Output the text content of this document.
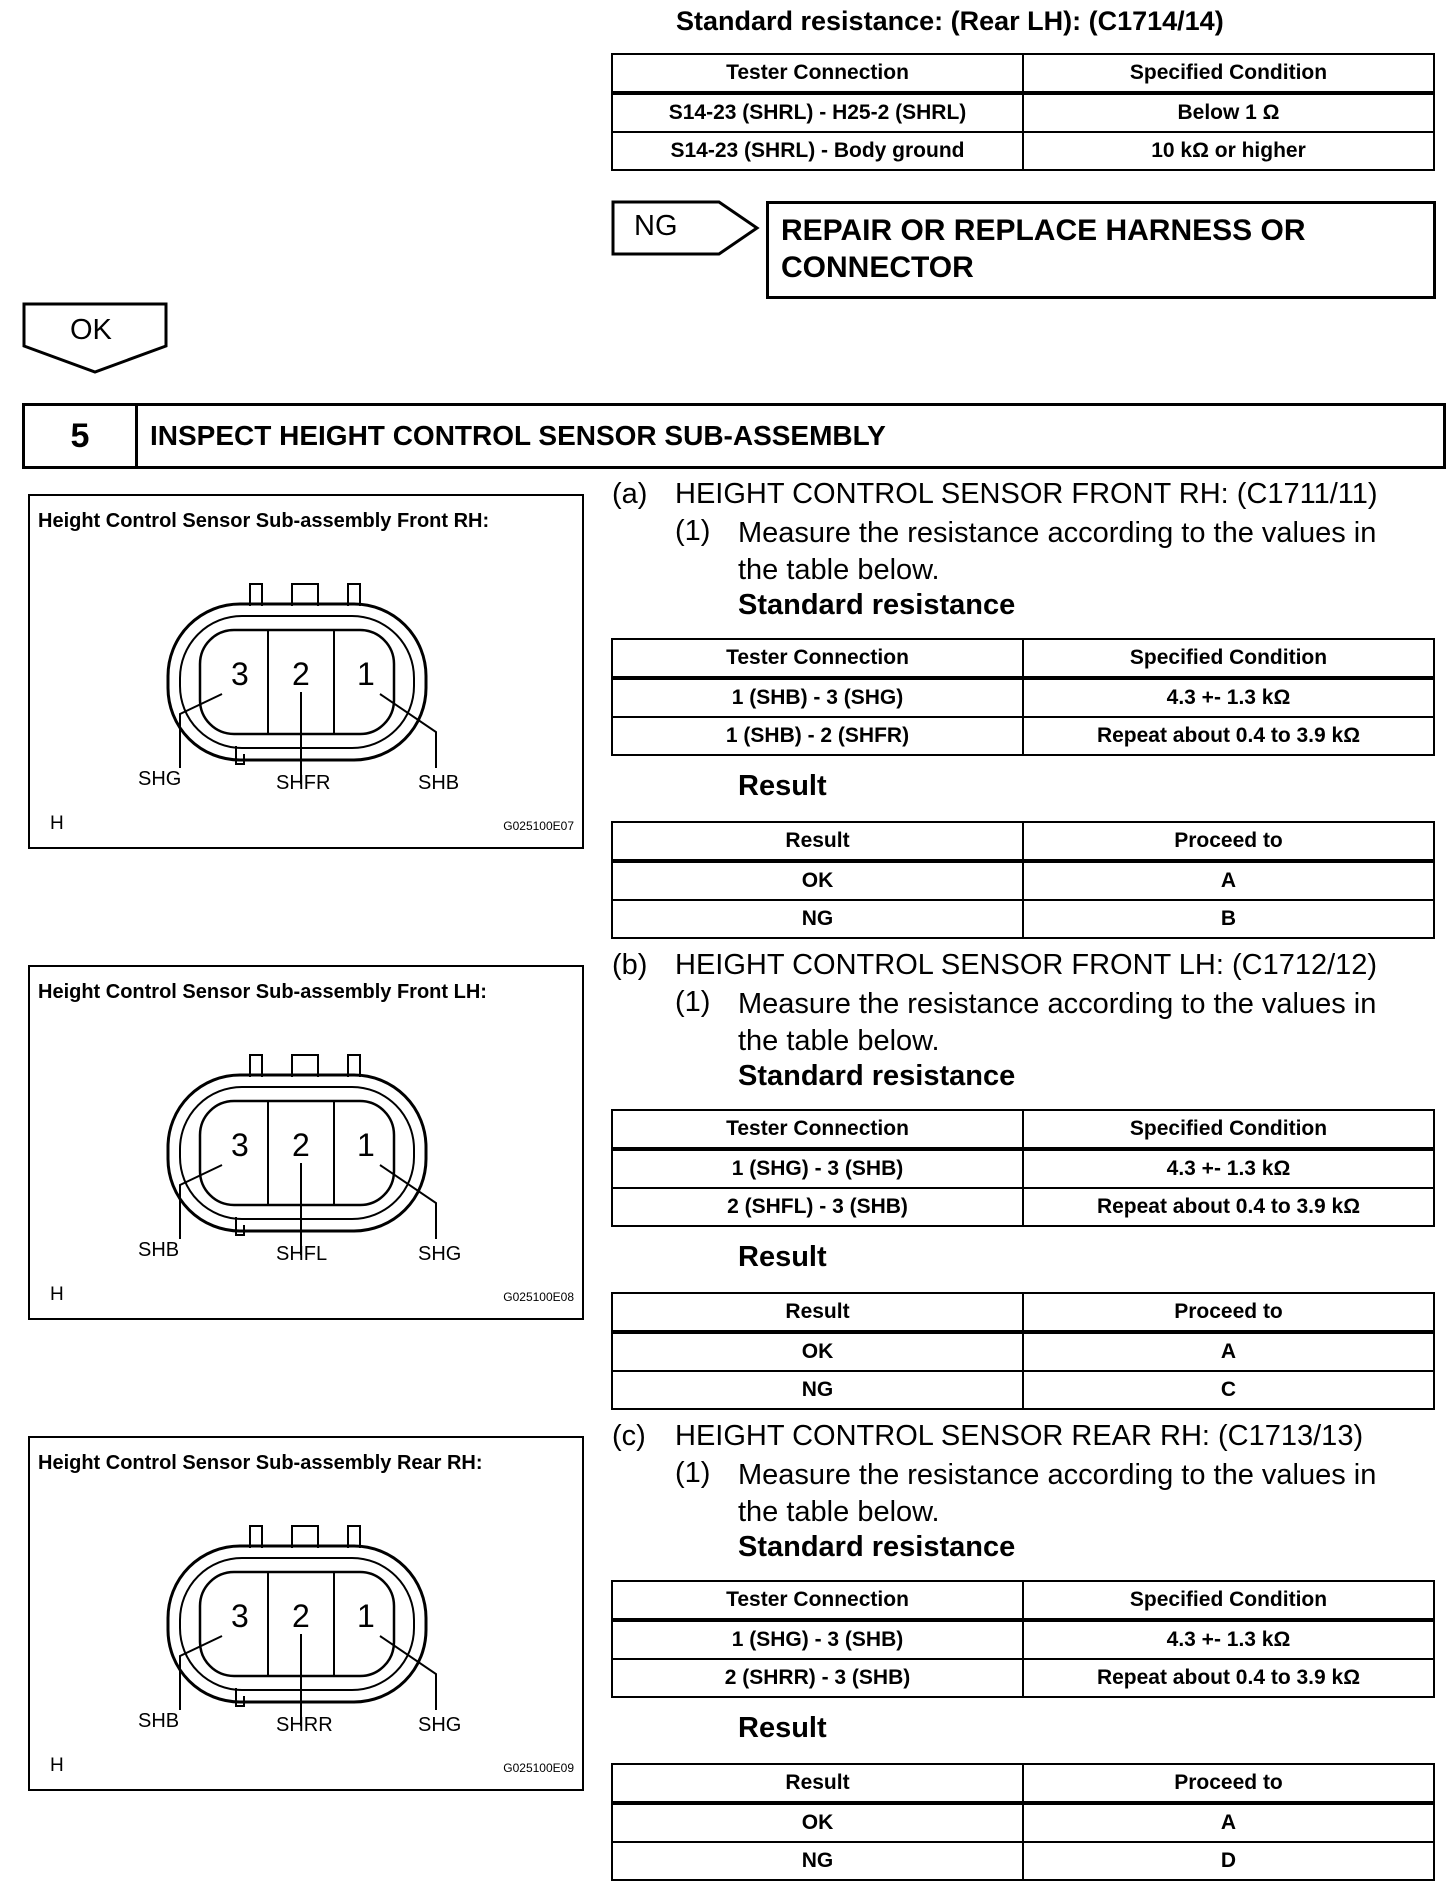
Standard resistance: (Rear LH): (C1714/14)
Tester Connection	Specified Condition
S14-23 (SHRL) - H25-2 (SHRL)	Below 1 Ω
S14-23 (SHRL) - Body ground	10 kΩ or higher
NG	REPAIR OR REPLACE HARNESS OR CONNECTOR
OK
5	INSPECT HEIGHT CONTROL SENSOR SUB-ASSEMBLY
Height Control Sensor Sub-assembly Front RH:
3 2 1
SHG	SHFR	SHB
H	G025100E07
Height Control Sensor Sub-assembly Front LH:
3 2 1
SHB	SHFL	SHG
H	G025100E08
Height Control Sensor Sub-assembly Rear RH:
3 2 1
SHB	SHRR	SHG
H	G025100E09
(a) HEIGHT CONTROL SENSOR FRONT RH: (C1711/11)
(1) Measure the resistance according to the values in
the table below.
Standard resistance
Tester Connection	Specified Condition
1 (SHB) - 3 (SHG)	4.3 +- 1.3 kΩ
1 (SHB) - 2 (SHFR)	Repeat about 0.4 to 3.9 kΩ
Result
Result	Proceed to
OK	A
NG	B
(b) HEIGHT CONTROL SENSOR FRONT LH: (C1712/12)
(1) Measure the resistance according to the values in
the table below.
Standard resistance
Tester Connection	Specified Condition
1 (SHG) - 3 (SHB)	4.3 +- 1.3 kΩ
2 (SHFL) - 3 (SHB)	Repeat about 0.4 to 3.9 kΩ
Result
Result	Proceed to
OK	A
NG	C
(c) HEIGHT CONTROL SENSOR REAR RH: (C1713/13)
(1) Measure the resistance according to the values in
the table below.
Standard resistance
Tester Connection	Specified Condition
1 (SHG) - 3 (SHB)	4.3 +- 1.3 kΩ
2 (SHRR) - 3 (SHB)	Repeat about 0.4 to 3.9 kΩ
Result
Result	Proceed to
OK	A
NG	D
